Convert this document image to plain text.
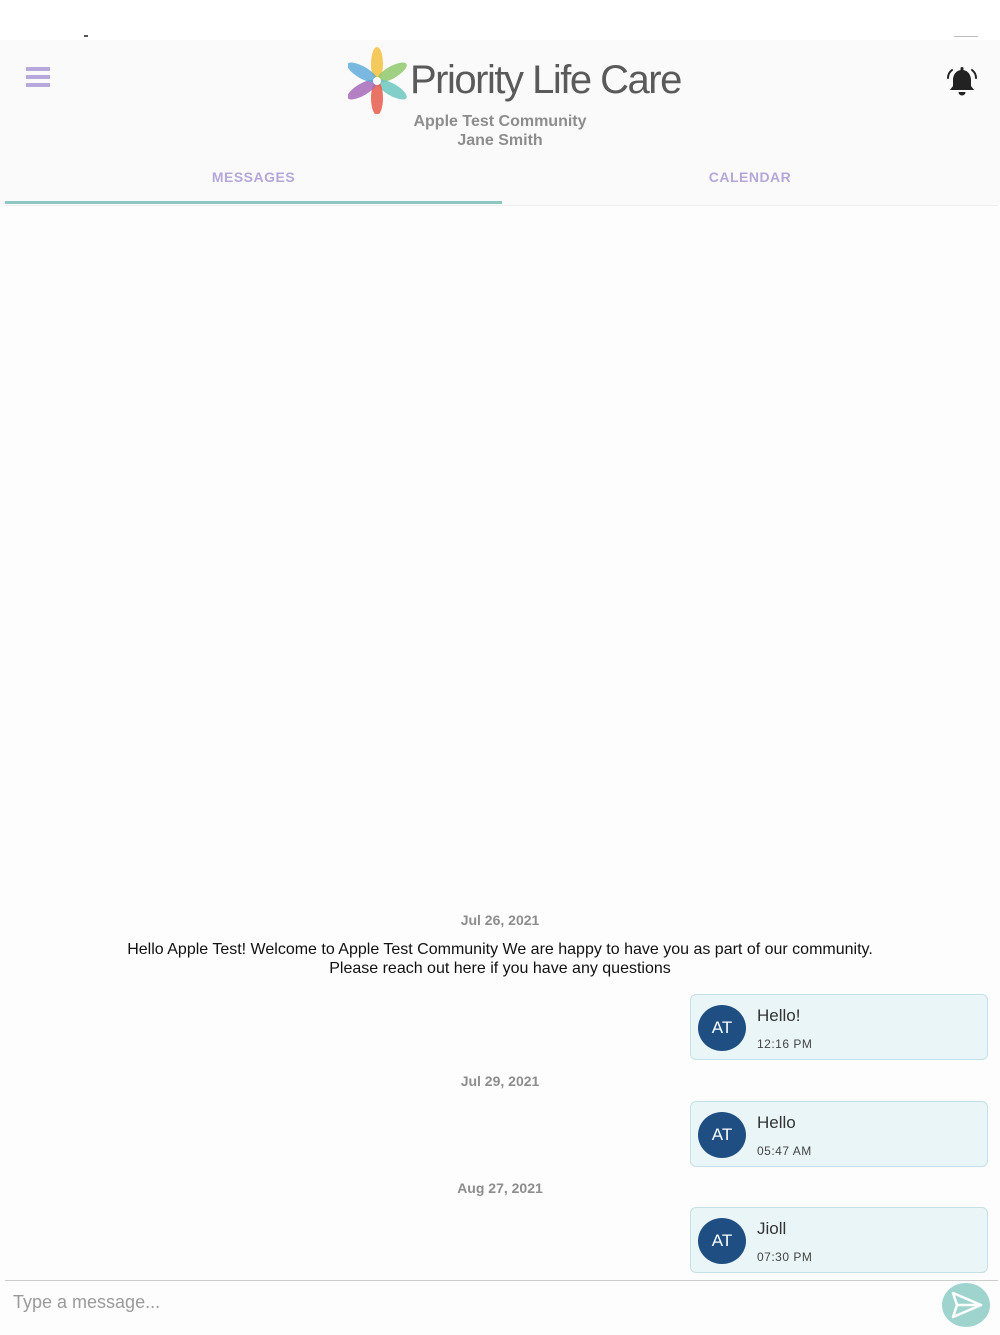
Priority Life Care
Apple Test Community
Jane Smith
MESSAGES	CALENDAR
Jul 26, 2021
Hello Apple Test! Welcome to Apple Test Community We are happy to have you as part of our community. Please reach out here if you have any questions
AT
Hello!
12:16 PM
Jul 29, 2021
AT
Hello
05:47 AM
Aug 27, 2021
AT
Jioll
07:30 PM
Type a message...
